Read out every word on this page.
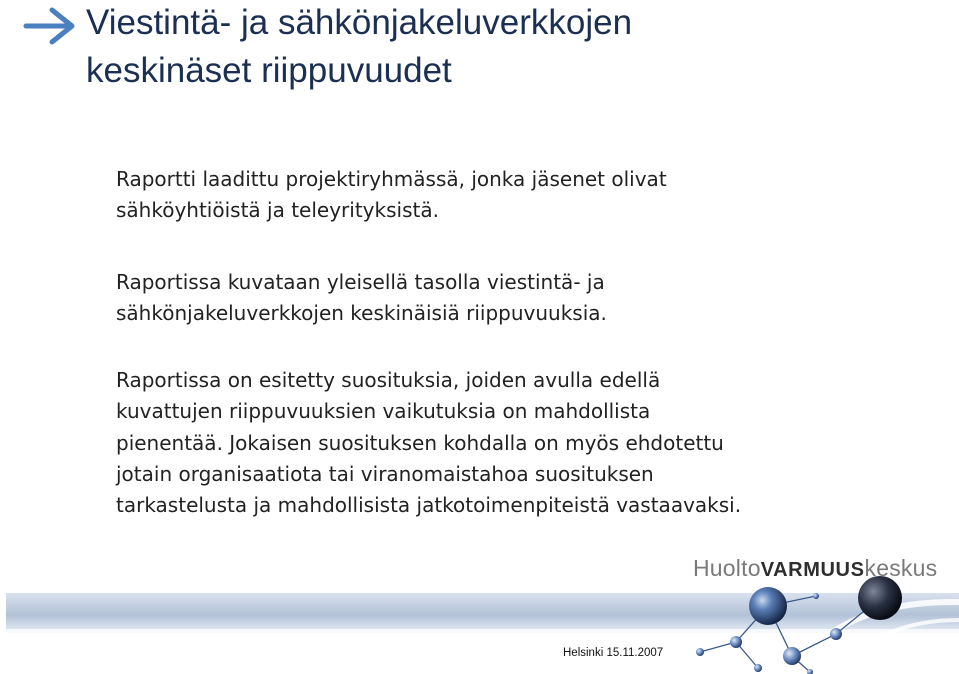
Viestintä- ja sähkönjakeluverkkojen
keskinäset riippuvuudet

Raportti laadittu projektiryhmässä, jonka jäsenet olivat
sähköyhtiöistä ja teleyrityksistä.

Raportissa kuvataan yleisellä tasolla viestintä- ja
sähkönjakeluverkkojen keskinäisiä riippuvuuksia.

Raportissa on esitetty suosituksia, joiden avulla edellä
kuvattujen riippuvuuksien vaikutuksia on mahdollista
pienentää. Jokaisen suosituksen kohdalla on myös ehdotettu
jotain organisaatiota tai viranomaistahoa suosituksen
tarkastelusta ja mahdollisista jatkotoimenpiteistä vastaavaksi.

HuoltoVARMUUSkeskus
Helsinki 15.11.2007
